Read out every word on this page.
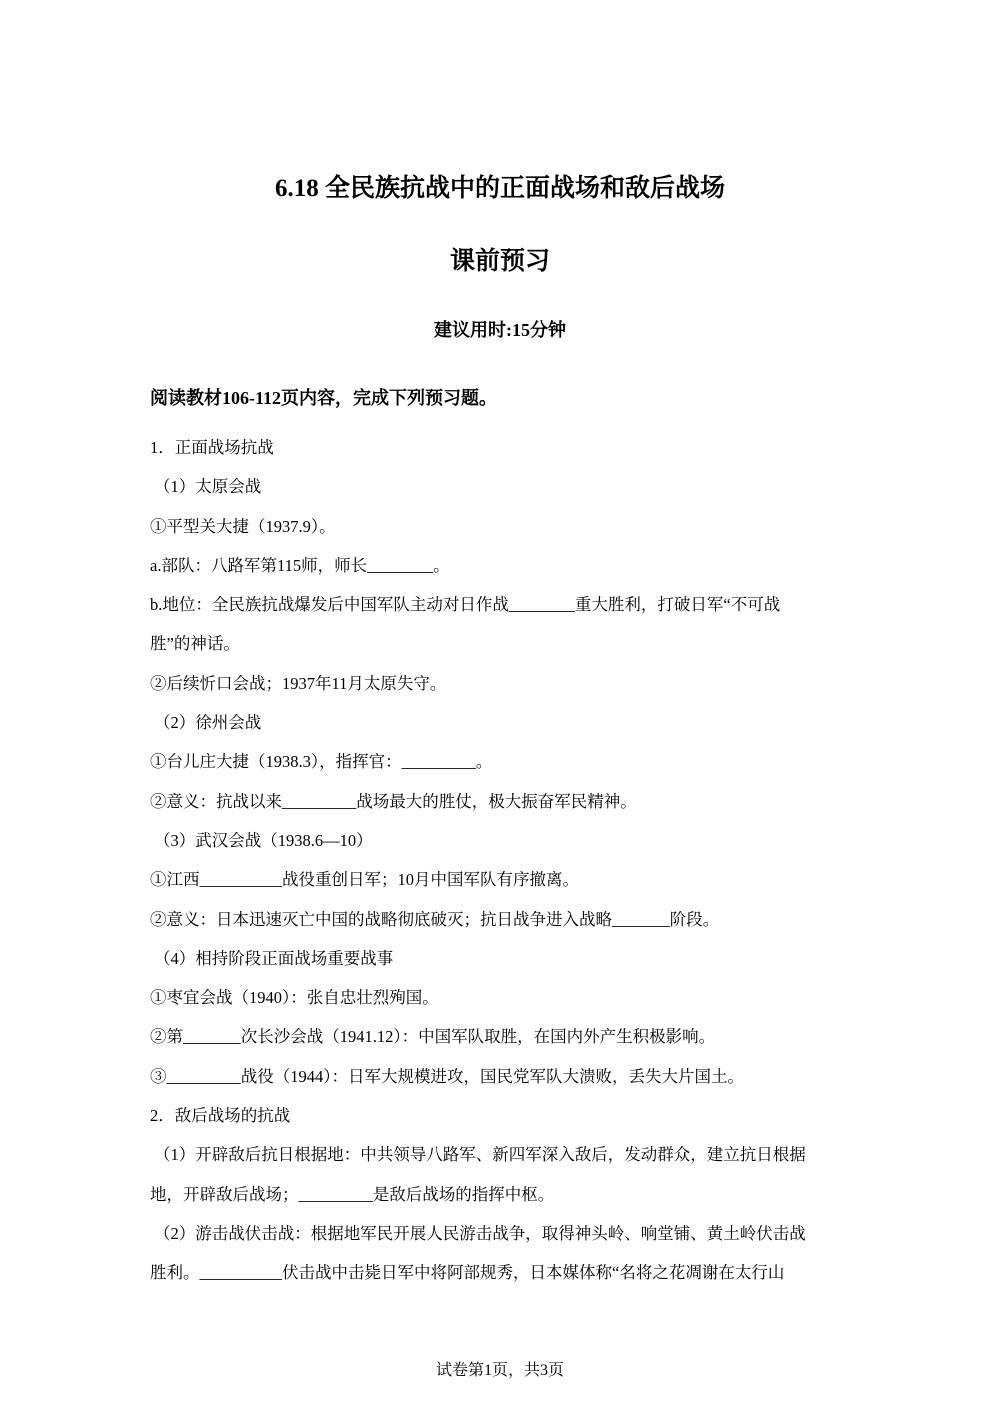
6.18 全民族抗战中的正面战场和敌后战场
课前预习
建议用时:15分钟
阅读教材106-112页内容，完成下列预习题。
1．正面战场抗战
（1）太原会战
①平型关大捷（1937.9）。
a.部队：八路军第115师，师长________。
b.地位：全民族抗战爆发后中国军队主动对日作战________重大胜利，打破日军“不可战
胜”的神话。
②后续忻口会战；1937年11月太原失守。
（2）徐州会战
①台儿庄大捷（1938.3），指挥官：_________。
②意义：抗战以来_________战场最大的胜仗，极大振奋军民精神。
（3）武汉会战（1938.6—10）
①江西__________战役重创日军；10月中国军队有序撤离。
②意义：日本迅速灭亡中国的战略彻底破灭；抗日战争进入战略_______阶段。
（4）相持阶段正面战场重要战事
①枣宜会战（1940）：张自忠壮烈殉国。
②第_______次长沙会战（1941.12）：中国军队取胜，在国内外产生积极影响。
③_________战役（1944）：日军大规模进攻，国民党军队大溃败，丢失大片国土。
2．敌后战场的抗战
（1）开辟敌后抗日根据地：中共领导八路军、新四军深入敌后，发动群众，建立抗日根据
地，开辟敌后战场；_________是敌后战场的指挥中枢。
（2）游击战伏击战：根据地军民开展人民游击战争，取得神头岭、响堂铺、黄土岭伏击战
胜利。__________伏击战中击毙日军中将阿部规秀，日本媒体称“名将之花凋谢在太行山
试卷第1页，共3页
